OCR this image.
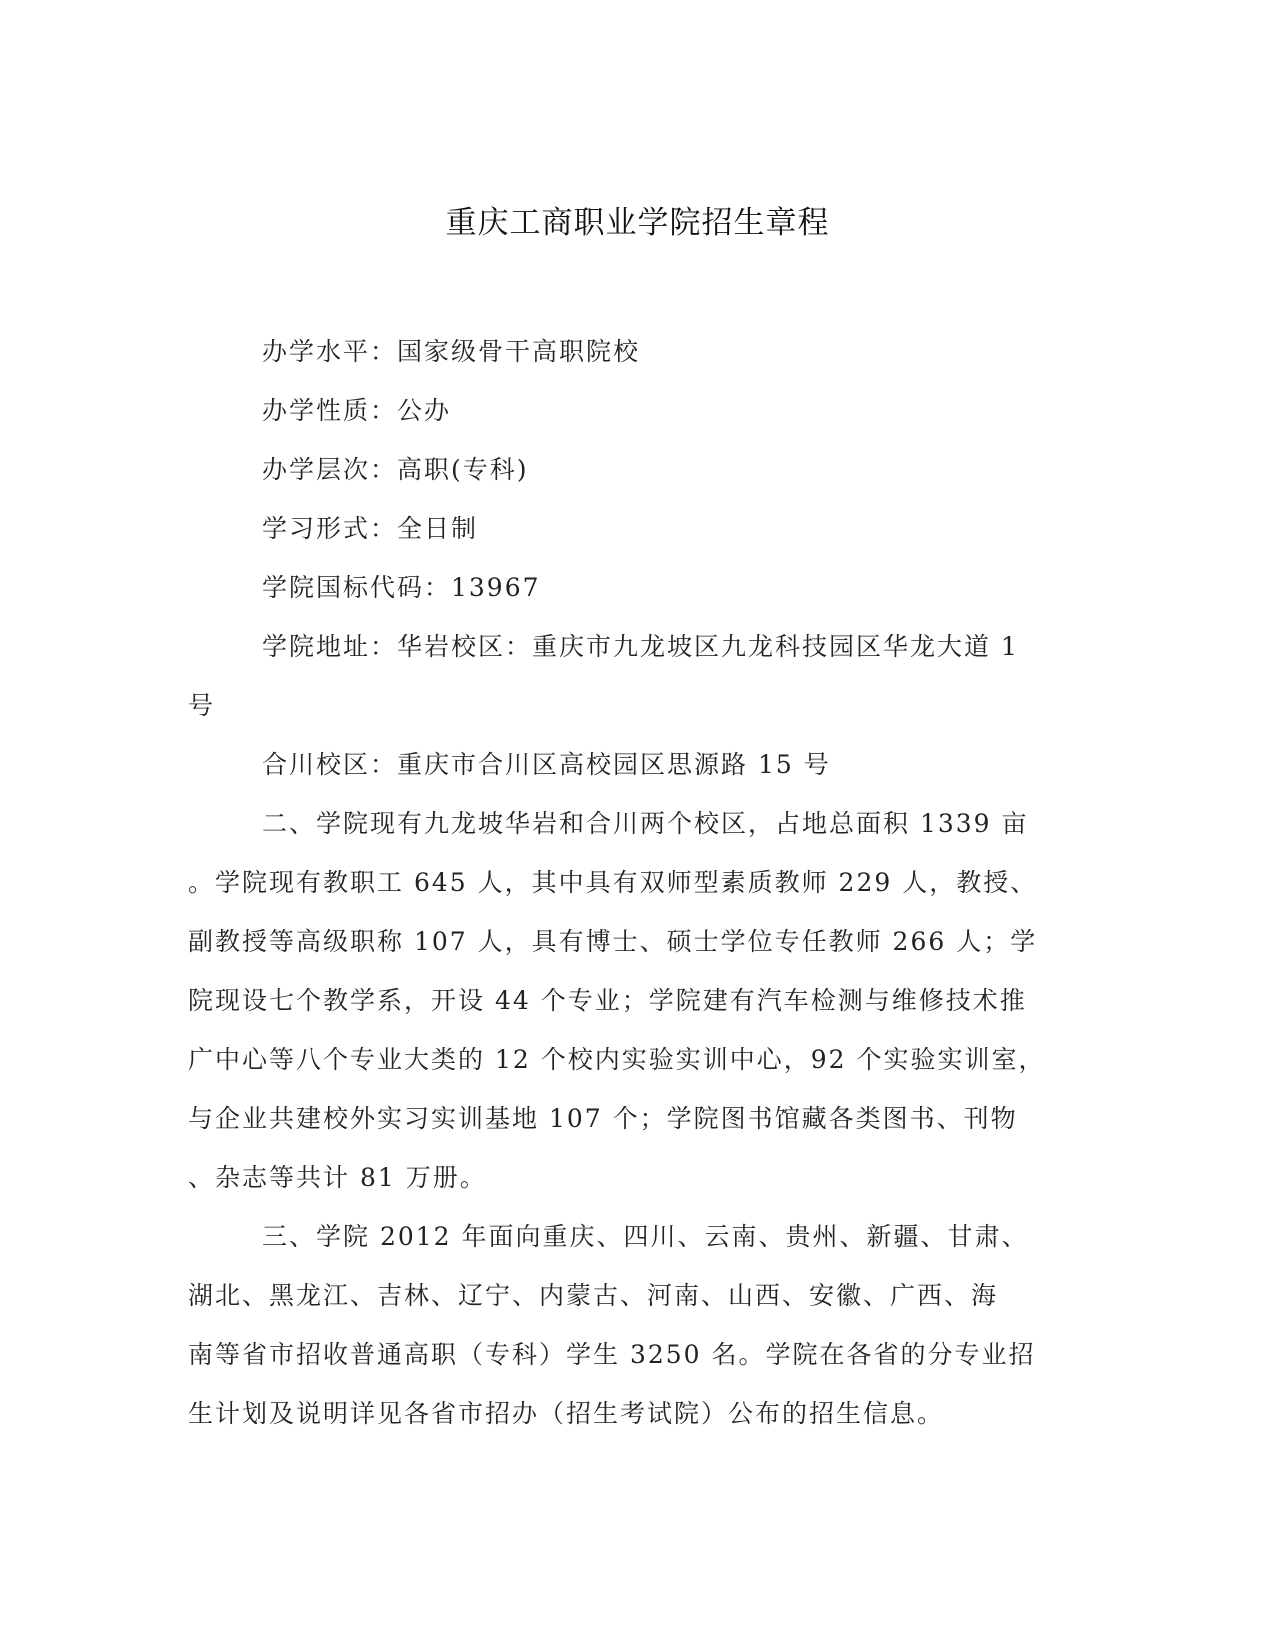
重庆工商职业学院招生章程

办学水平：国家级骨干高职院校

办学性质：公办

办学层次：高职(专科)

学习形式：全日制

学院国标代码：13967

学院地址：华岩校区：重庆市九龙坡区九龙科技园区华龙大道 1

号

合川校区：重庆市合川区高校园区思源路 15 号

二、学院现有九龙坡华岩和合川两个校区，占地总面积 1339 亩

。学院现有教职工 645 人，其中具有双师型素质教师 229 人，教授、

副教授等高级职称 107 人，具有博士、硕士学位专任教师 266 人；学

院现设七个教学系，开设 44 个专业；学院建有汽车检测与维修技术推

广中心等八个专业大类的 12 个校内实验实训中心，92 个实验实训室，

与企业共建校外实习实训基地 107 个；学院图书馆藏各类图书、刊物

、杂志等共计 81 万册。

三、学院 2012 年面向重庆、四川、云南、贵州、新疆、甘肃、

湖北、黑龙江、吉林、辽宁、内蒙古、河南、山西、安徽、广西、海

南等省市招收普通高职（专科）学生 3250 名。学院在各省的分专业招

生计划及说明详见各省市招办（招生考试院）公布的招生信息。
